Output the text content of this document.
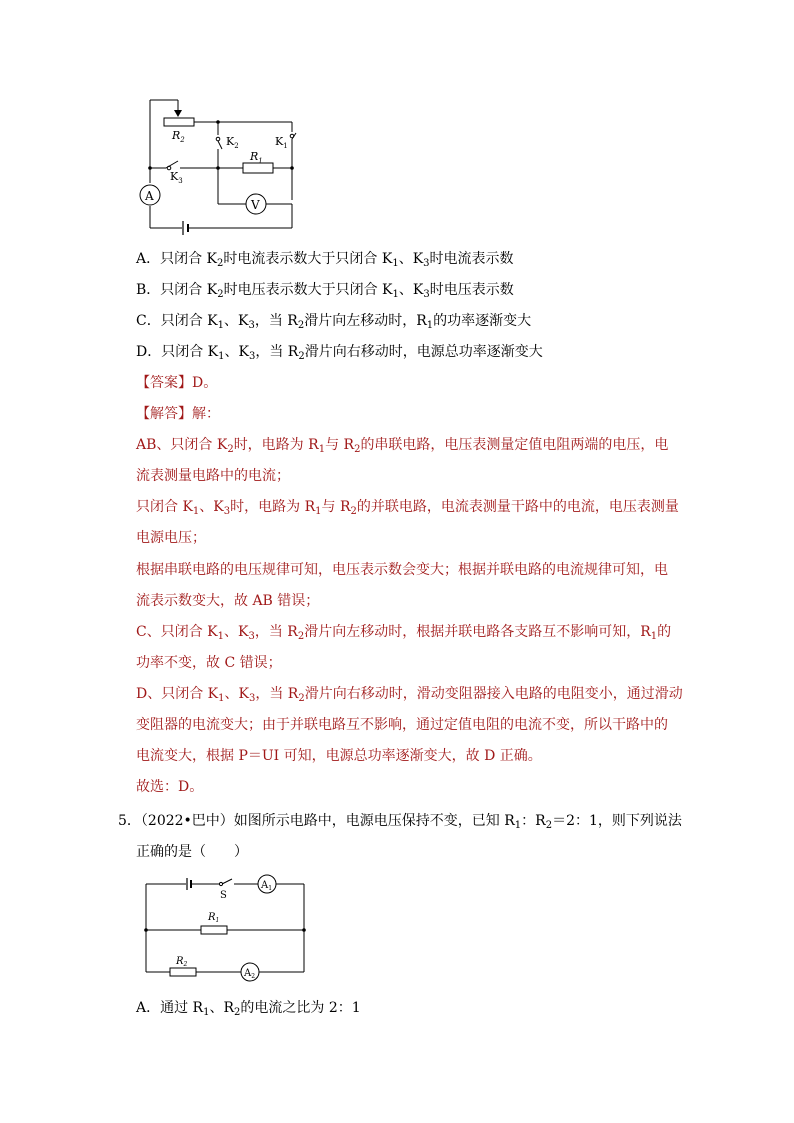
A
V
$R_2$	$K_2$	$K_1$
$R_1$
$K_3$
A．只闭合 $K_2$时电流表示数大于只闭合 $K_1$、$K_3$时电流表示数
B．只闭合 $K_2$时电压表示数大于只闭合 $K_1$、$K_3$时电压表示数
C．只闭合 $K_1$、$K_3$，当 $R_2$滑片向左移动时，$R_1$的功率逐渐变大
D．只闭合 $K_1$、$K_3$，当 $R_2$滑片向右移动时，电源总功率逐渐变大
【答案】D。
【解答】解：
AB、只闭合 $K_2$时，电路为 $R_1$与 $R_2$的串联电路，电压表测量定值电阻两端的电压，电
流表测量电路中的电流；
只闭合 $K_1$、$K_3$时，电路为 $R_1$与 $R_2$的并联电路，电流表测量干路中的电流，电压表测量
电源电压；
根据串联电路的电压规律可知，电压表示数会变大；根据并联电路的电流规律可知，电
流表示数变大，故 AB 错误；
C、只闭合 $K_1$、$K_3$，当 $R_2$滑片向左移动时，根据并联电路各支路互不影响可知，$R_1$的
功率不变，故 C 错误；
D、只闭合 $K_1$、$K_3$，当 $R_2$滑片向右移动时，滑动变阻器接入电路的电阻变小，通过滑动
变阻器的电流变大；由于并联电路互不影响，通过定值电阻的电流不变，所以干路中的
电流变大，根据 P＝UI 可知，电源总功率逐渐变大，故 D 正确。
故选：D。
5．（2022•巴中）如图所示电路中，电源电压保持不变，已知 $R_1$：$R_2=2$：1，则下列说法
正确的是（　　）
S
$A_1$
$R_1$
$R_2$
$A_2$
A．通过 $R_1$、$R_2$的电流之比为 2：1
